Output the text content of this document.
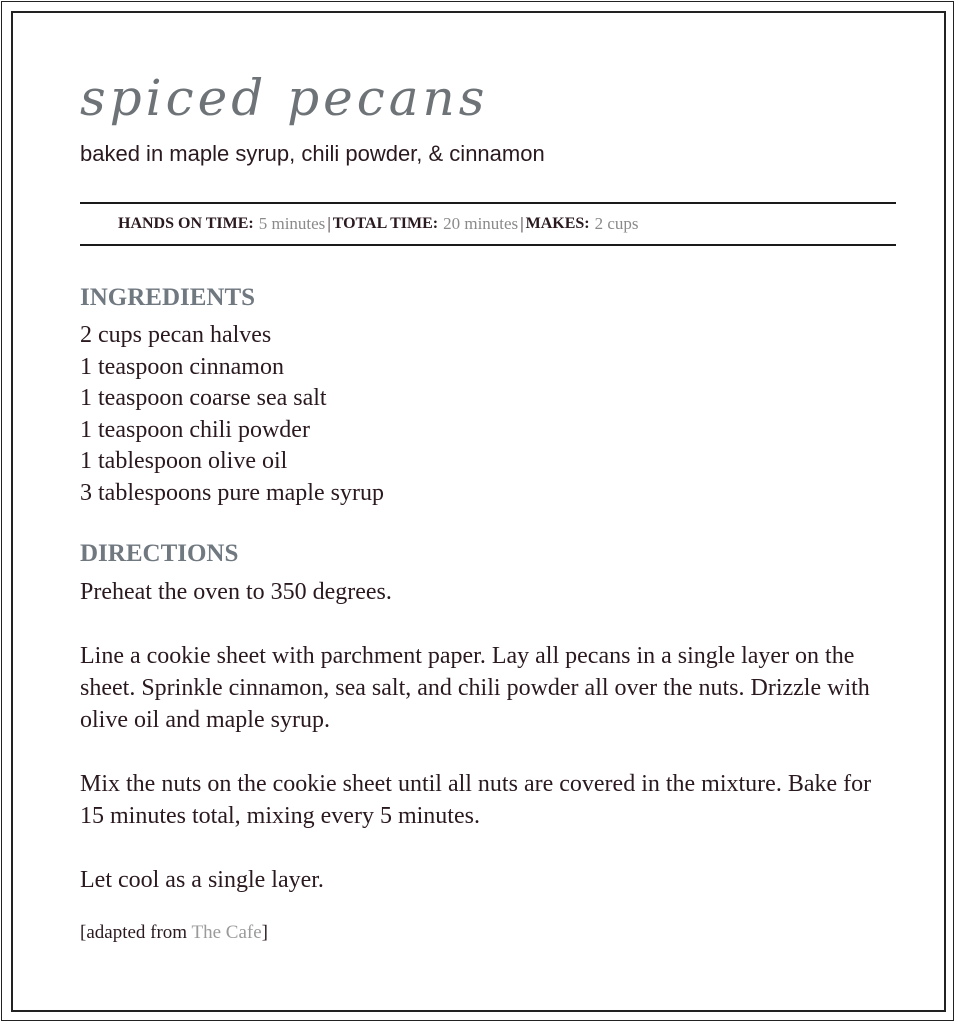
spiced pecans

baked in maple syrup, chili powder, & cinnamon

HANDS ON TIME: 5 minutes | TOTAL TIME: 20 minutes | MAKES: 2 cups
INGREDIENTS
2 cups pecan halves
1 teaspoon cinnamon
1 teaspoon coarse sea salt
1 teaspoon chili powder
1 tablespoon olive oil
3 tablespoons pure maple syrup
DIRECTIONS

Preheat the oven to 350 degrees.

Line a cookie sheet with parchment paper. Lay all pecans in a single layer on the sheet. Sprinkle cinnamon, sea salt, and chili powder all over the nuts. Drizzle with olive oil and maple syrup.

Mix the nuts on the cookie sheet until all nuts are covered in the mixture. Bake for 15 minutes total, mixing every 5 minutes.

Let cool as a single layer.

[adapted from The Cafe]
